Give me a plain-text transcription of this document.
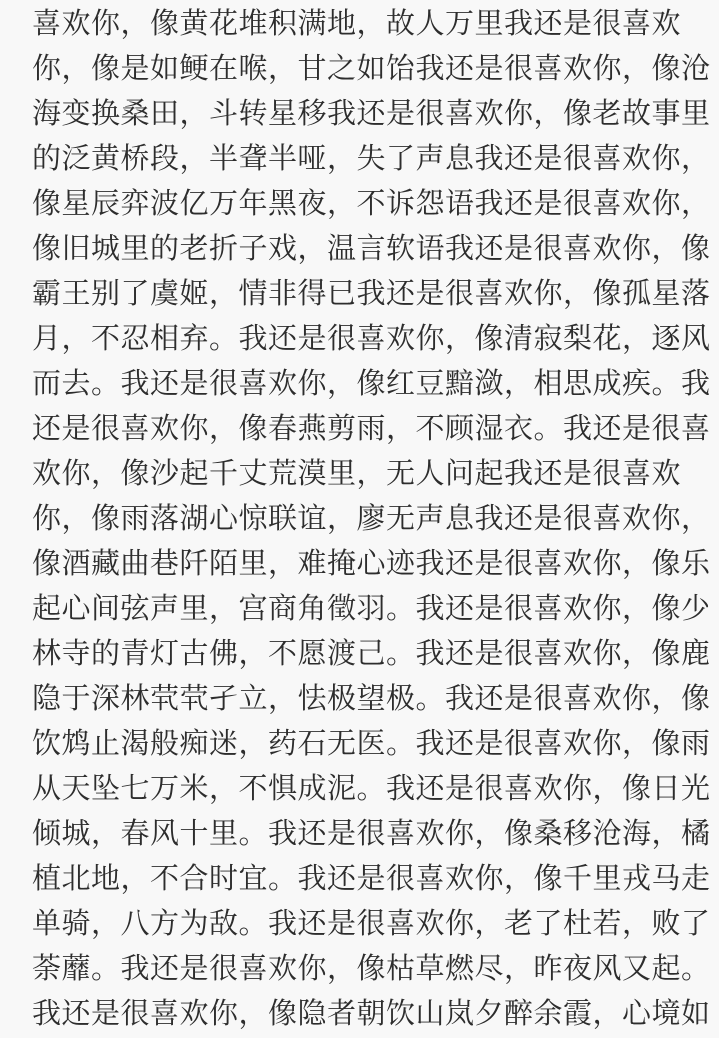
喜欢你，像黄花堆积满地，故人万里我还是很喜欢
你，像是如鲠在喉，甘之如饴我还是很喜欢你，像沧
海变换桑田，斗转星移我还是很喜欢你，像老故事里
的泛黄桥段，半聋半哑，失了声息我还是很喜欢你，
像星辰弈波亿万年黑夜，不诉怨语我还是很喜欢你，
像旧城里的老折子戏，温言软语我还是很喜欢你，像
霸王别了虞姬，情非得已我还是很喜欢你，像孤星落
月，不忍相弃。我还是很喜欢你，像清寂梨花，逐风
而去。我还是很喜欢你，像红豆黯潋，相思成疾。我
还是很喜欢你，像春燕剪雨，不顾湿衣。我还是很喜
欢你，像沙起千丈荒漠里，无人问起我还是很喜欢
你，像雨落湖心惊联谊，廖无声息我还是很喜欢你，
像酒藏曲巷阡陌里，难掩心迹我还是很喜欢你，像乐
起心间弦声里，宫商角徵羽。我还是很喜欢你，像少
林寺的青灯古佛，不愿渡己。我还是很喜欢你，像鹿
隐于深林茕茕孑立，怯极望极。我还是很喜欢你，像
饮鸩止渴般痴迷，药石无医。我还是很喜欢你，像雨
从天坠七万米，不惧成泥。我还是很喜欢你，像日光
倾城，春风十里。我还是很喜欢你，像桑移沧海，橘
植北地，不合时宜。我还是很喜欢你，像千里戎马走
单骑，八方为敌。我还是很喜欢你，老了杜若，败了
荼蘼。我还是很喜欢你，像枯草燃尽，昨夜风又起。
我还是很喜欢你，像隐者朝饮山岚夕醉余霞，心境如
